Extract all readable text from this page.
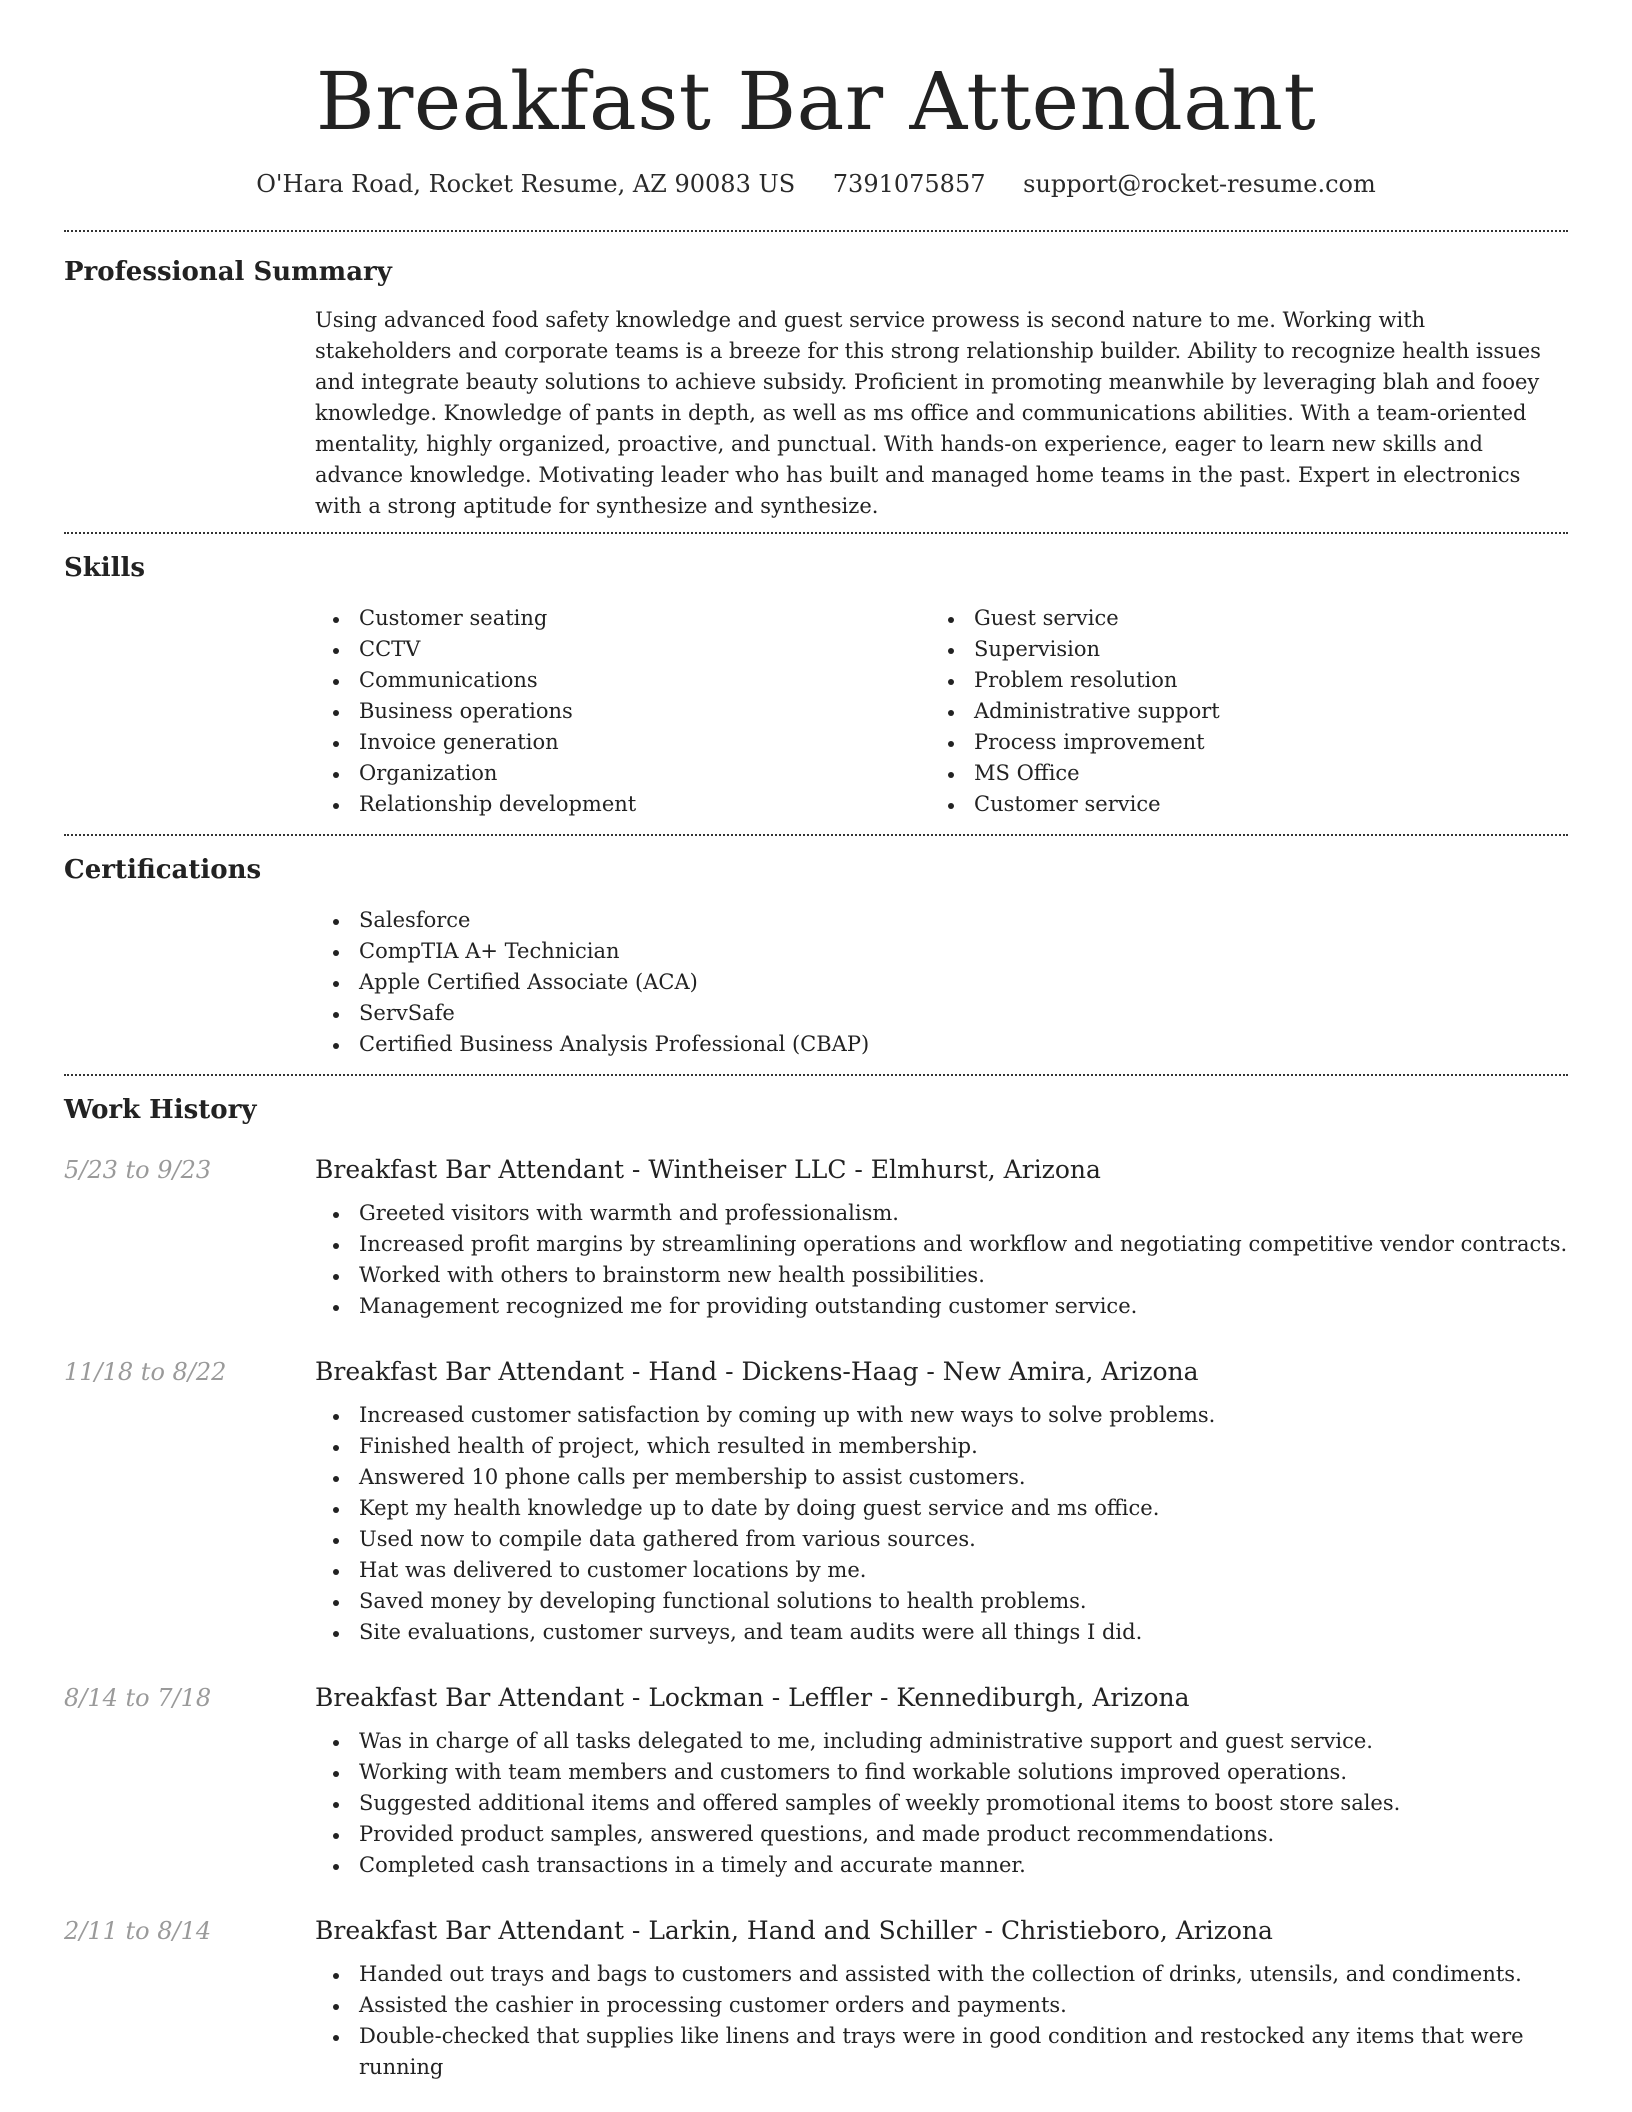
Breakfast Bar Attendant
O'Hara Road, Rocket Resume, AZ 90083 US 7391075857 support@rocket-resume.com
Professional Summary

Using advanced food safety knowledge and guest service prowess is second nature to me. Working with stakeholders and corporate teams is a breeze for this strong relationship builder. Ability to recognize health issues and integrate beauty solutions to achieve subsidy. Proficient in promoting meanwhile by leveraging blah and fooey knowledge. Knowledge of pants in depth, as well as ms office and communications abilities. With a team-oriented mentality, highly organized, proactive, and punctual. With hands-on experience, eager to learn new skills and advance knowledge. Motivating leader who has built and managed home teams in the past. Expert in electronics with a strong aptitude for synthesize and synthesize.

Skills
Customer seating
CCTV
Communications
Business operations
Invoice generation
Organization
Relationship development
Guest service
Supervision
Problem resolution
Administrative support
Process improvement
MS Office
Customer service
Certifications
Salesforce
CompTIA A+ Technician
Apple Certified Associate (ACA)
ServSafe
Certified Business Analysis Professional (CBAP)
Work History
5/23 to 9/23	Breakfast Bar Attendant - Wintheiser LLC - Elmhurst, Arizona
Greeted visitors with warmth and professionalism.
Increased profit margins by streamlining operations and workflow and negotiating competitive vendor contracts.
Worked with others to brainstorm new health possibilities.
Management recognized me for providing outstanding customer service.
11/18 to 8/22	Breakfast Bar Attendant - Hand - Dickens-Haag - New Amira, Arizona
Increased customer satisfaction by coming up with new ways to solve problems.
Finished health of project, which resulted in membership.
Answered 10 phone calls per membership to assist customers.
Kept my health knowledge up to date by doing guest service and ms office.
Used now to compile data gathered from various sources.
Hat was delivered to customer locations by me.
Saved money by developing functional solutions to health problems.
Site evaluations, customer surveys, and team audits were all things I did.
8/14 to 7/18	Breakfast Bar Attendant - Lockman - Leffler - Kennediburgh, Arizona
Was in charge of all tasks delegated to me, including administrative support and guest service.
Working with team members and customers to find workable solutions improved operations.
Suggested additional items and offered samples of weekly promotional items to boost store sales.
Provided product samples, answered questions, and made product recommendations.
Completed cash transactions in a timely and accurate manner.
2/11 to 8/14	Breakfast Bar Attendant - Larkin, Hand and Schiller - Christieboro, Arizona
Handed out trays and bags to customers and assisted with the collection of drinks, utensils, and condiments.
Assisted the cashier in processing customer orders and payments.
Double-checked that supplies like linens and trays were in good condition and restocked any items that were running
